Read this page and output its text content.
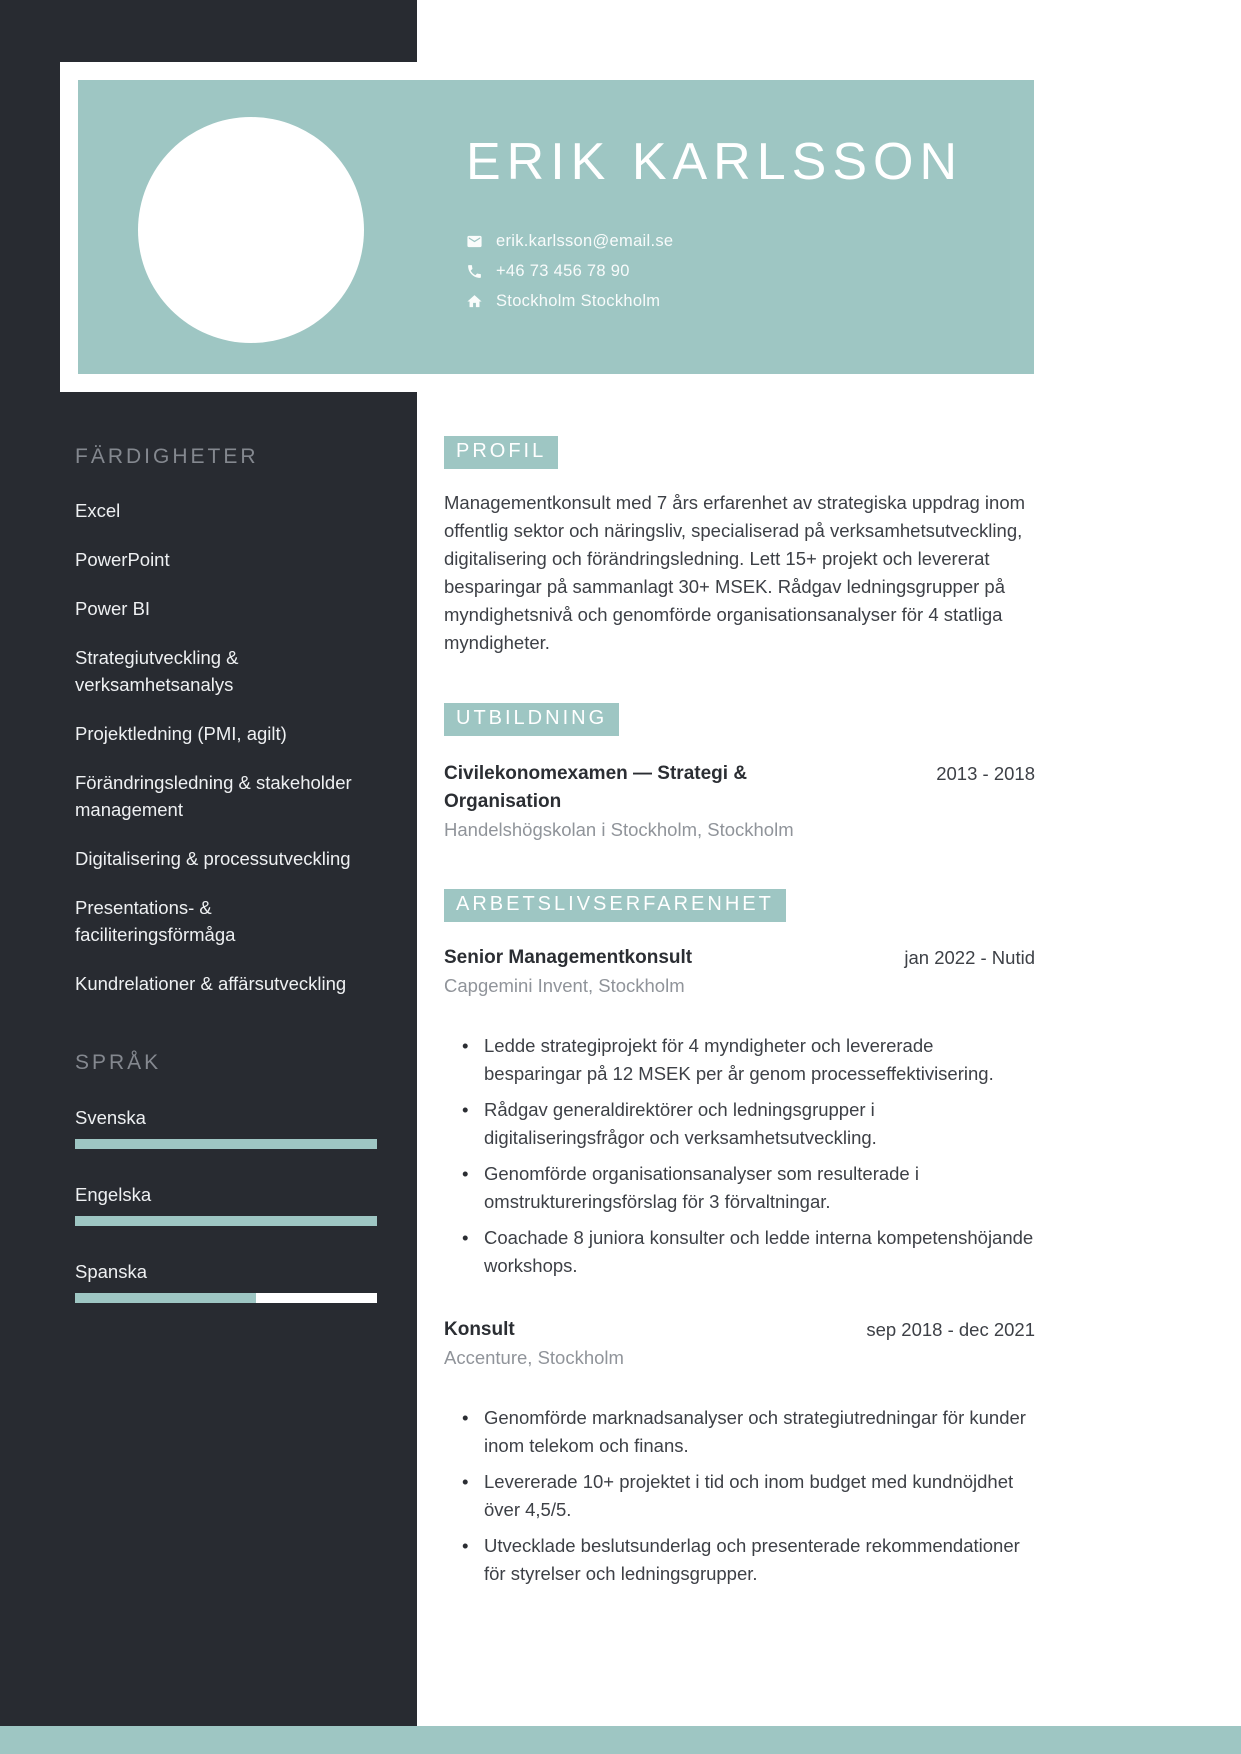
ERIK KARLSSON
erik.karlsson@email.se
+46 73 456 78 90
Stockholm Stockholm
FÄRDIGHETER
Excel
PowerPoint
Power BI
Strategiutveckling & verksamhetsanalys
Projektledning (PMI, agilt)
Förändringsledning & stakeholder management
Digitalisering & processutveckling
Presentations- & faciliteringsförmåga
Kundrelationer & affärsutveckling
SPRÅK
Svenska
Engelska
Spanska
PROFIL
Managementkonsult med 7 års erfarenhet av strategiska uppdrag inom offentlig sektor och näringsliv, specialiserad på verksamhetsutveckling, digitalisering och förändringsledning. Lett 15+ projekt och levererat besparingar på sammanlagt 30+ MSEK. Rådgav ledningsgrupper på myndighetsnivå och genomförde organisationsanalyser för 4 statliga myndigheter.
UTBILDNING
Civilekonomexamen — Strategi & Organisation
Handelshögskolan i Stockholm, Stockholm
2013 - 2018
ARBETSLIVSERFARENHET
Senior Managementkonsult
Capgemini Invent, Stockholm
jan 2022 - Nutid
• Ledde strategiprojekt för 4 myndigheter och levererade besparingar på 12 MSEK per år genom processeffektivisering.
• Rådgav generaldirektörer och ledningsgrupper i digitaliseringsfrågor och verksamhetsutveckling.
• Genomförde organisationsanalyser som resulterade i omstruktureringsförslag för 3 förvaltningar.
• Coachade 8 juniora konsulter och ledde interna kompetenshöjande workshops.
Konsult
Accenture, Stockholm
sep 2018 - dec 2021
• Genomförde marknadsanalyser och strategiutredningar för kunder inom telekom och finans.
• Levererade 10+ projektet i tid och inom budget med kundnöjdhet över 4,5/5.
• Utvecklade beslutsunderlag och presenterade rekommendationer för styrelser och ledningsgrupper.
